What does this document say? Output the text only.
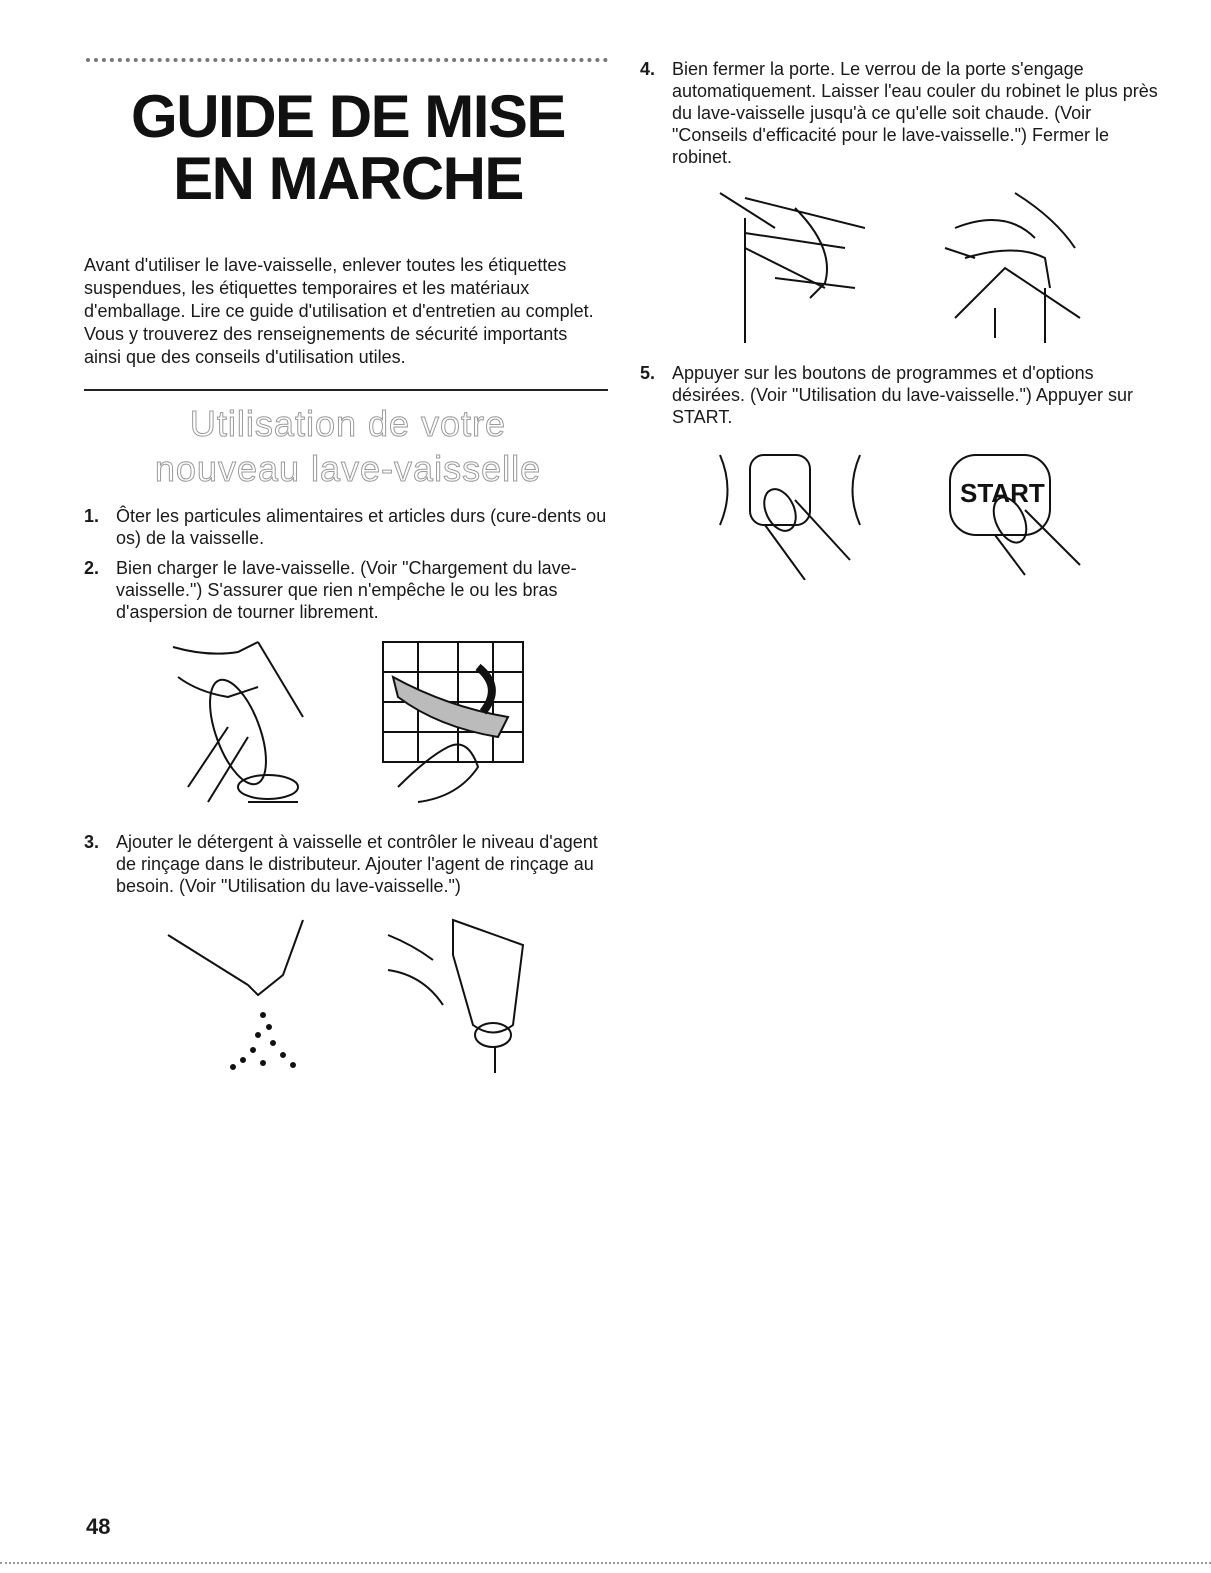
GUIDE DE MISE
EN MARCHE

Avant d'utiliser le lave-vaisselle, enlever toutes les étiquettes suspendues, les étiquettes temporaires et les matériaux d'emballage. Lire ce guide d'utilisation et d'entretien au complet. Vous y trouverez des renseignements de sécurité importants ainsi que des conseils d'utilisation utiles.

Utilisation de votre
nouveau lave-vaisselle
1. Ôter les particules alimentaires et articles durs (cure-dents ou os) de la vaisselle.
2. Bien charger le lave-vaisselle. (Voir "Chargement du lave-vaisselle.") S'assurer que rien n'empêche le ou les bras d'aspersion de tourner librement.
3. Ajouter le détergent à vaisselle et contrôler le niveau d'agent de rinçage dans le distributeur. Ajouter l'agent de rinçage au besoin. (Voir "Utilisation du lave-vaisselle.")
4. Bien fermer la porte. Le verrou de la porte s'engage automatiquement. Laisser l'eau couler du robinet le plus près du lave-vaisselle jusqu'à ce qu'elle soit chaude. (Voir "Conseils d'efficacité pour le lave-vaisselle.") Fermer le robinet.
5. Appuyer sur les boutons de programmes et d'options désirées. (Voir "Utilisation du lave-vaisselle.") Appuyer sur START.
START
48
